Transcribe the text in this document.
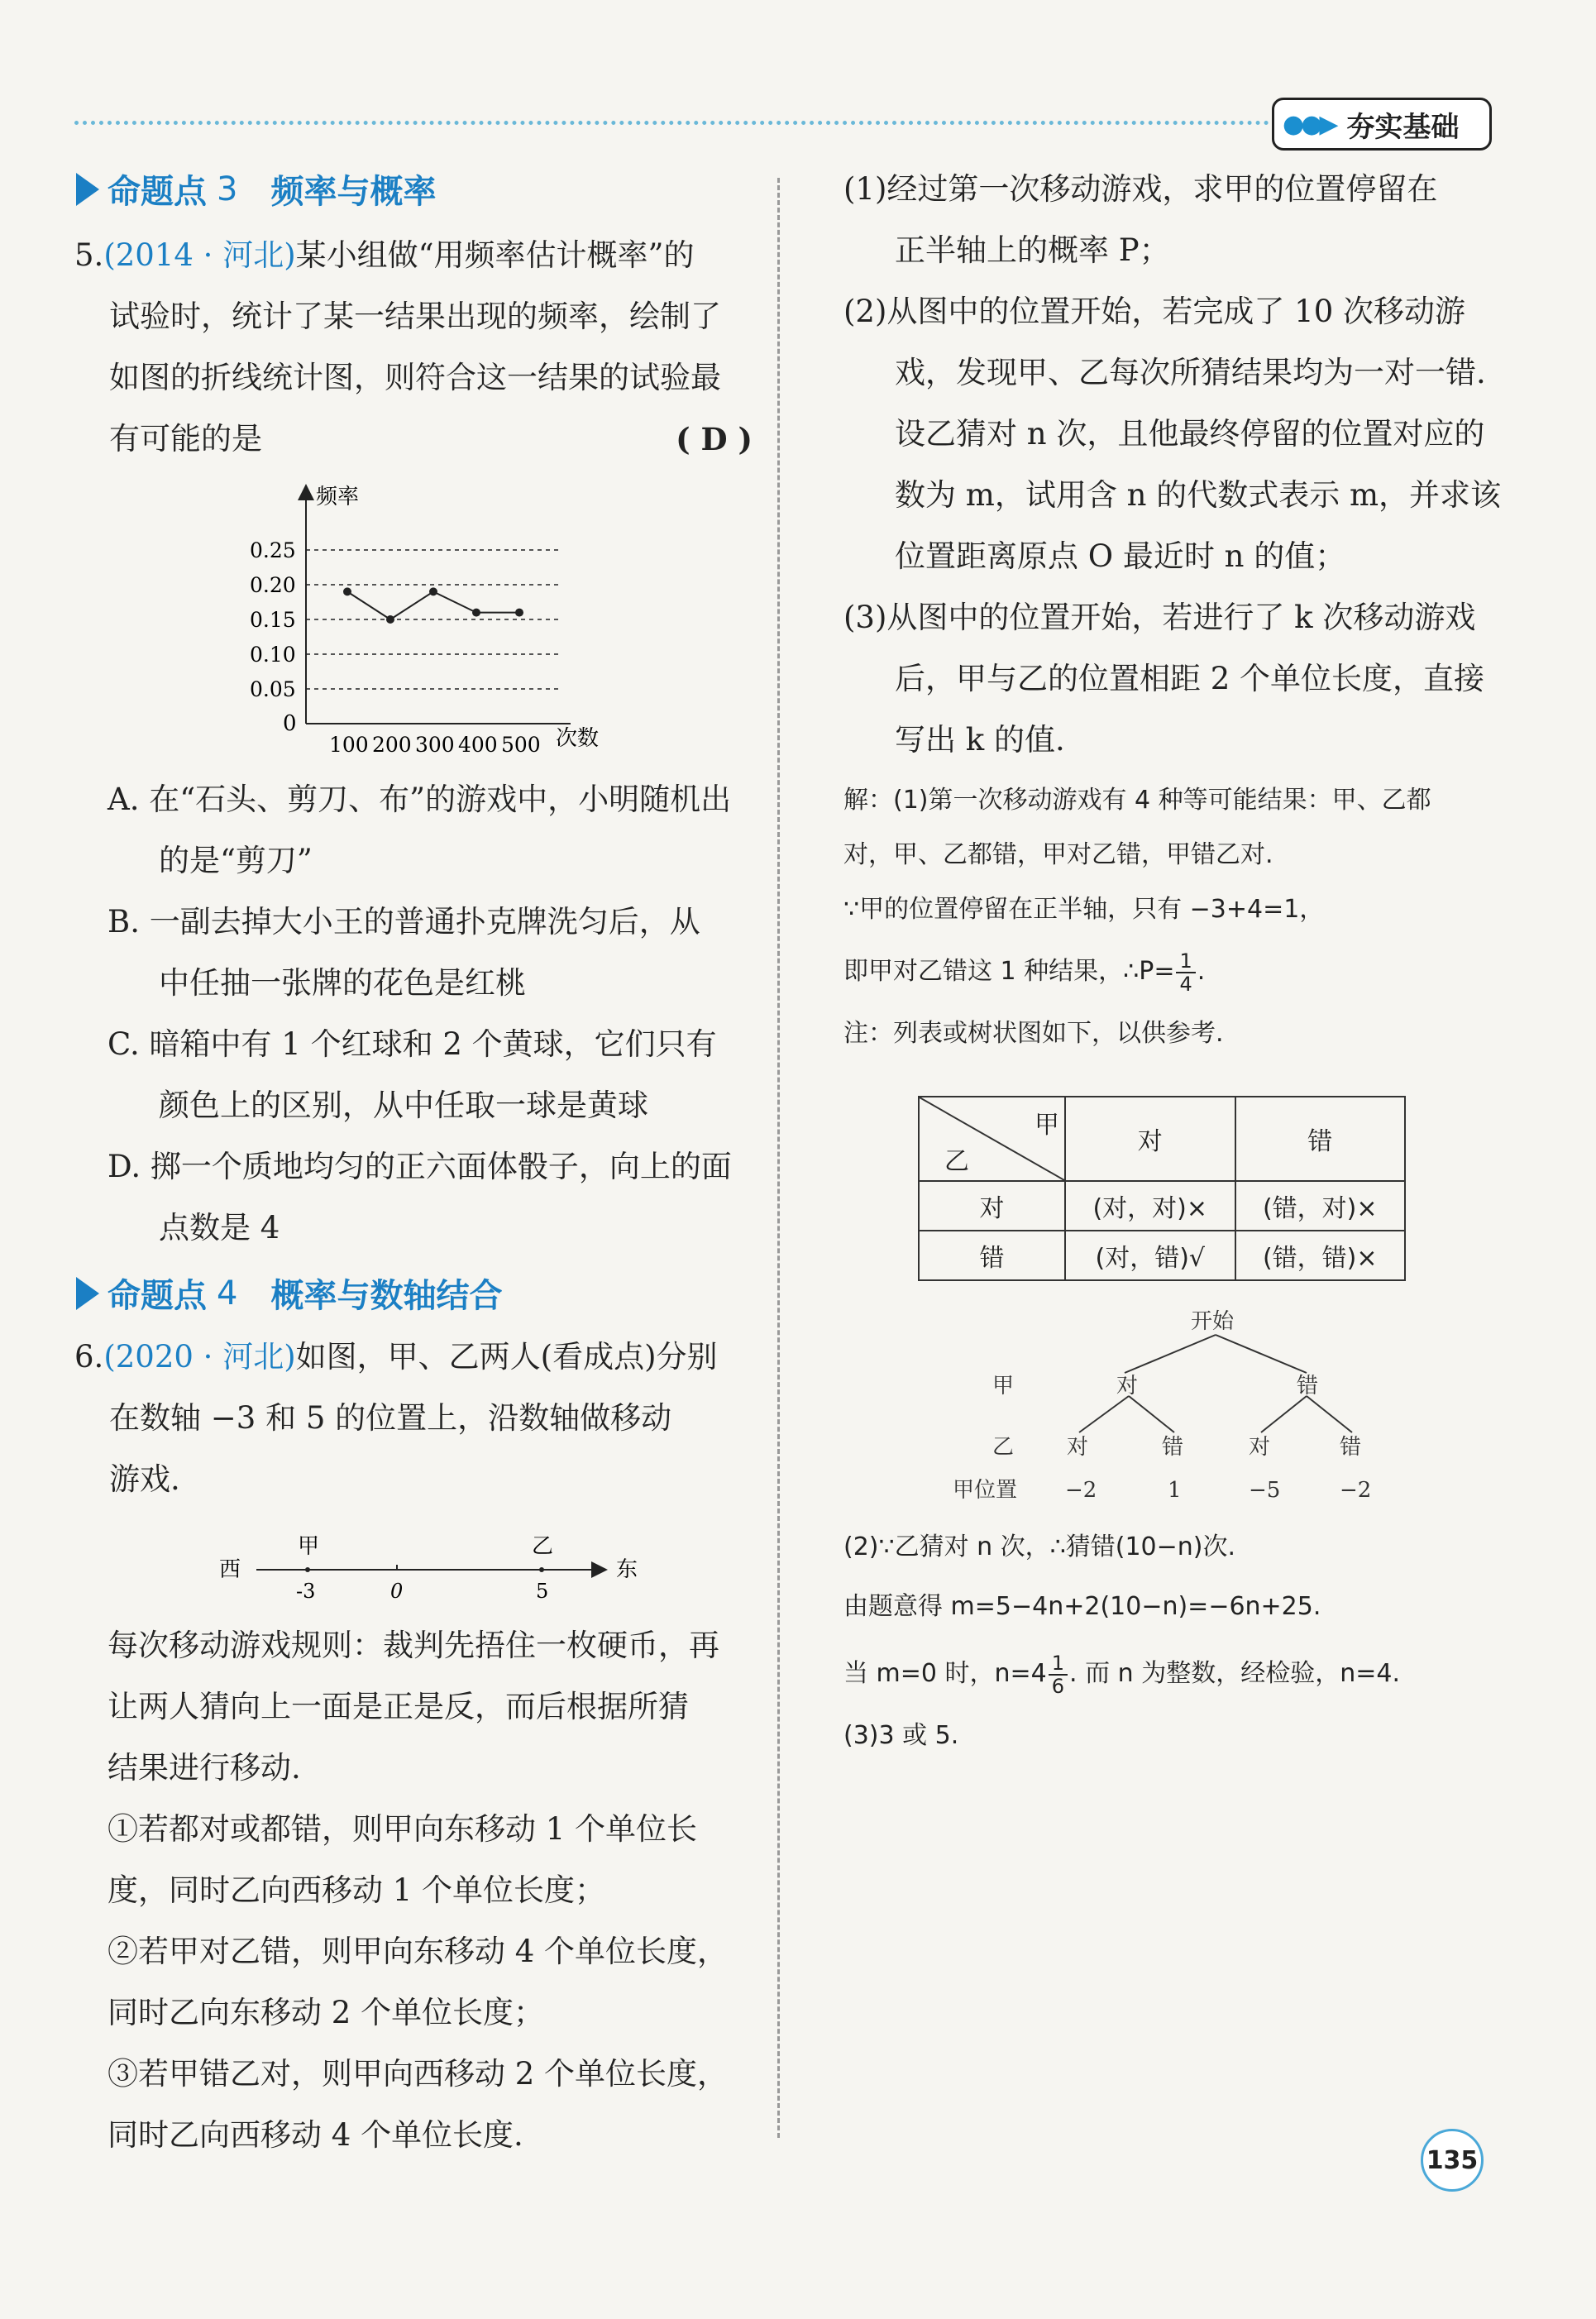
●●▶ 夯实基础
命题点 3 频率与概率
5.(2014 · 河北)某小组做“用频率估计概率”的
试验时，统计了某一结果出现的频率，绘制了
如图的折线统计图，则符合这一结果的试验最
有可能的是	( D )
频率
次数
0
0.25
0.20
0.15
0.10
0.05
100 200 300 400 500
A. 在“石头、剪刀、布”的游戏中，小明随机出
的是“剪刀”
B. 一副去掉大小王的普通扑克牌洗匀后，从
中任抽一张牌的花色是红桃
C. 暗箱中有 1 个红球和 2 个黄球，它们只有
颜色上的区别，从中任取一球是黄球
D. 掷一个质地均匀的正六面体骰子，向上的面
点数是 4
命题点 4 概率与数轴结合
6.(2020 · 河北)如图，甲、乙两人(看成点)分别
在数轴 −3 和 5 的位置上，沿数轴做移动
游戏.
西	东
甲
-3	0
乙
5
每次移动游戏规则：裁判先捂住一枚硬币，再
让两人猜向上一面是正是反，而后根据所猜
结果进行移动.
①若都对或都错，则甲向东移动 1 个单位长
度，同时乙向西移动 1 个单位长度；
②若甲对乙错，则甲向东移动 4 个单位长度，
同时乙向东移动 2 个单位长度；
③若甲错乙对，则甲向西移动 2 个单位长度，
同时乙向西移动 4 个单位长度.
(1)经过第一次移动游戏，求甲的位置停留在
正半轴上的概率 P；
(2)从图中的位置开始，若完成了 10 次移动游
戏，发现甲、乙每次所猜结果均为一对一错.
设乙猜对 n 次，且他最终停留的位置对应的
数为 m，试用含 n 的代数式表示 m，并求该
位置距离原点 O 最近时 n 的值；
(3)从图中的位置开始，若进行了 k 次移动游戏
后，甲与乙的位置相距 2 个单位长度，直接
写出 k 的值.
解：(1)第一次移动游戏有 4 种等可能结果：甲、乙都
对，甲、乙都错，甲对乙错，甲错乙对.
∵甲的位置停留在正半轴，只有 −3+4=1，
即甲对乙错这 1 种结果，∴P= $\frac{1}{4}$ .
注：列表或树状图如下，以供参考.
甲
乙	对	错
对	(对，对)×	(错，对)×
错	(对，错)√	(错，错)×
开始
甲	对	错
乙 对	错	对	错
甲位置 −2	1	−5	−2
(2)∵乙猜对 n 次，∴猜错(10−n)次.
由题意得 m=5−4n+2(10−n)=−6n+25.
当 m=0 时，$n=4 \frac{1}{6}$ . 而 n 为整数，经检验，n=4.
(3)3 或 5.
135
